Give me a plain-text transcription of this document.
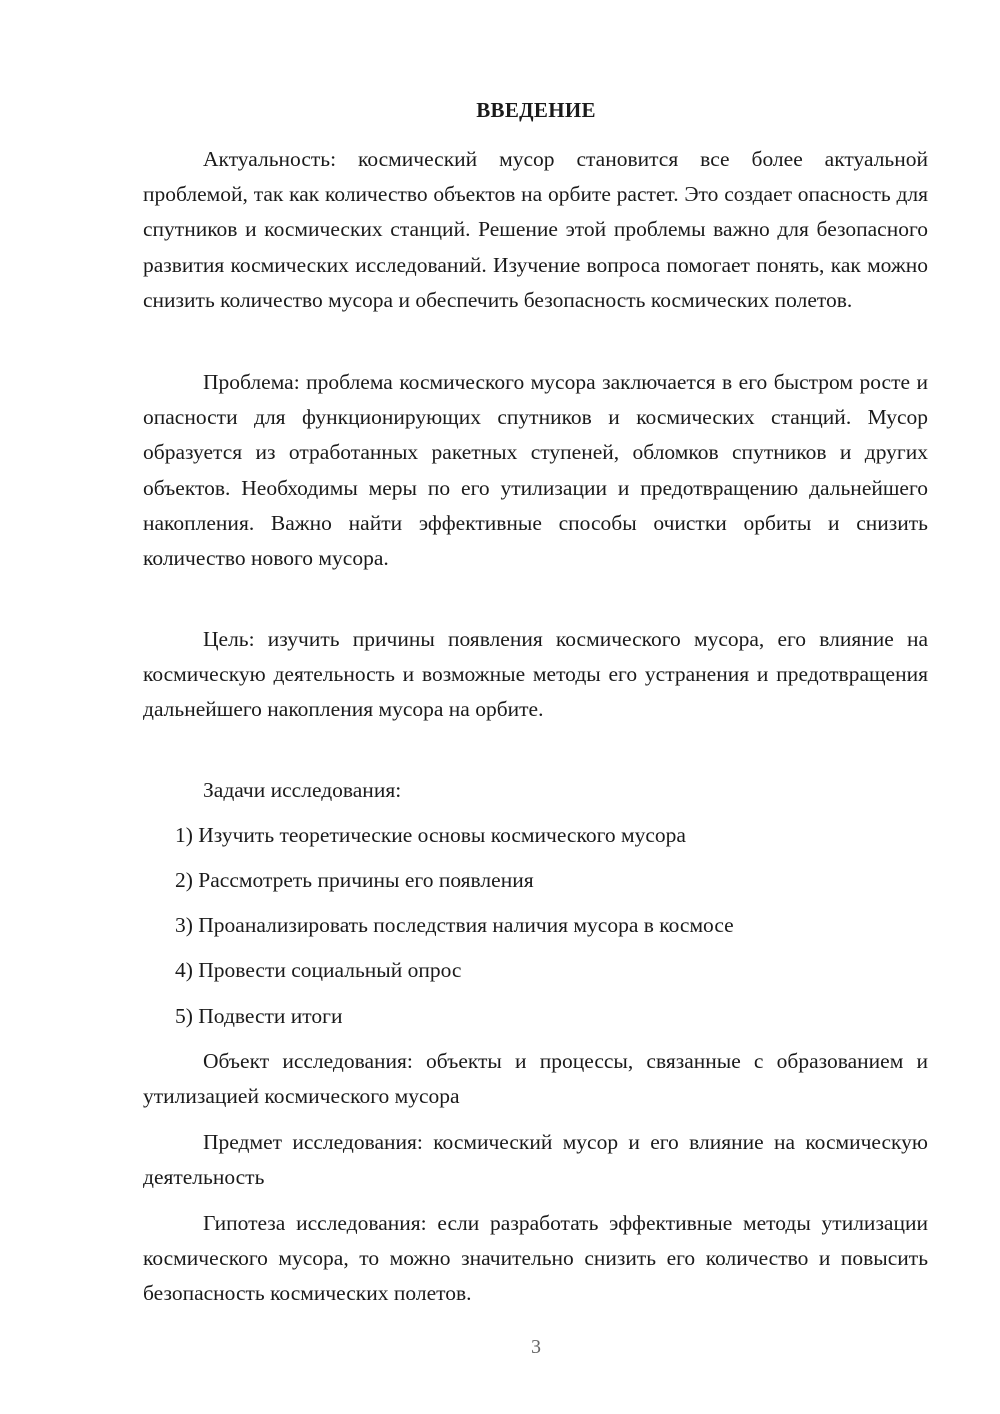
ВВЕДЕНИЕ

Актуальность: космический мусор становится все более актуальной проблемой, так как количество объектов на орбите растет. Это создает опасность для спутников и космических станций. Решение этой проблемы важно для безопасного развития космических исследований. Изучение вопроса помогает понять, как можно снизить количество мусора и обеспечить безопасность космических полетов.

Проблема: проблема космического мусора заключается в его быстром росте и опасности для функционирующих спутников и космических станций. Мусор образуется из отработанных ракетных ступеней, обломков спутников и других объектов. Необходимы меры по его утилизации и предотвращению дальнейшего накопления. Важно найти эффективные способы очистки орбиты и снизить количество нового мусора.

Цель: изучить причины появления космического мусора, его влияние на космическую деятельность и возможные методы его устранения и предотвращения дальнейшего накопления мусора на орбите.

Задачи исследования:

1) Изучить теоретические основы космического мусора

2) Рассмотреть причины его появления

3) Проанализировать последствия наличия мусора в космосе

4) Провести социальный опрос

5) Подвести итоги

Объект исследования: объекты и процессы, связанные с образованием и утилизацией космического мусора

Предмет исследования: космический мусор и его влияние на космическую деятельность

Гипотеза исследования: если разработать эффективные методы утилизации космического мусора, то можно значительно снизить его количество и повысить безопасность космических полетов.

3
